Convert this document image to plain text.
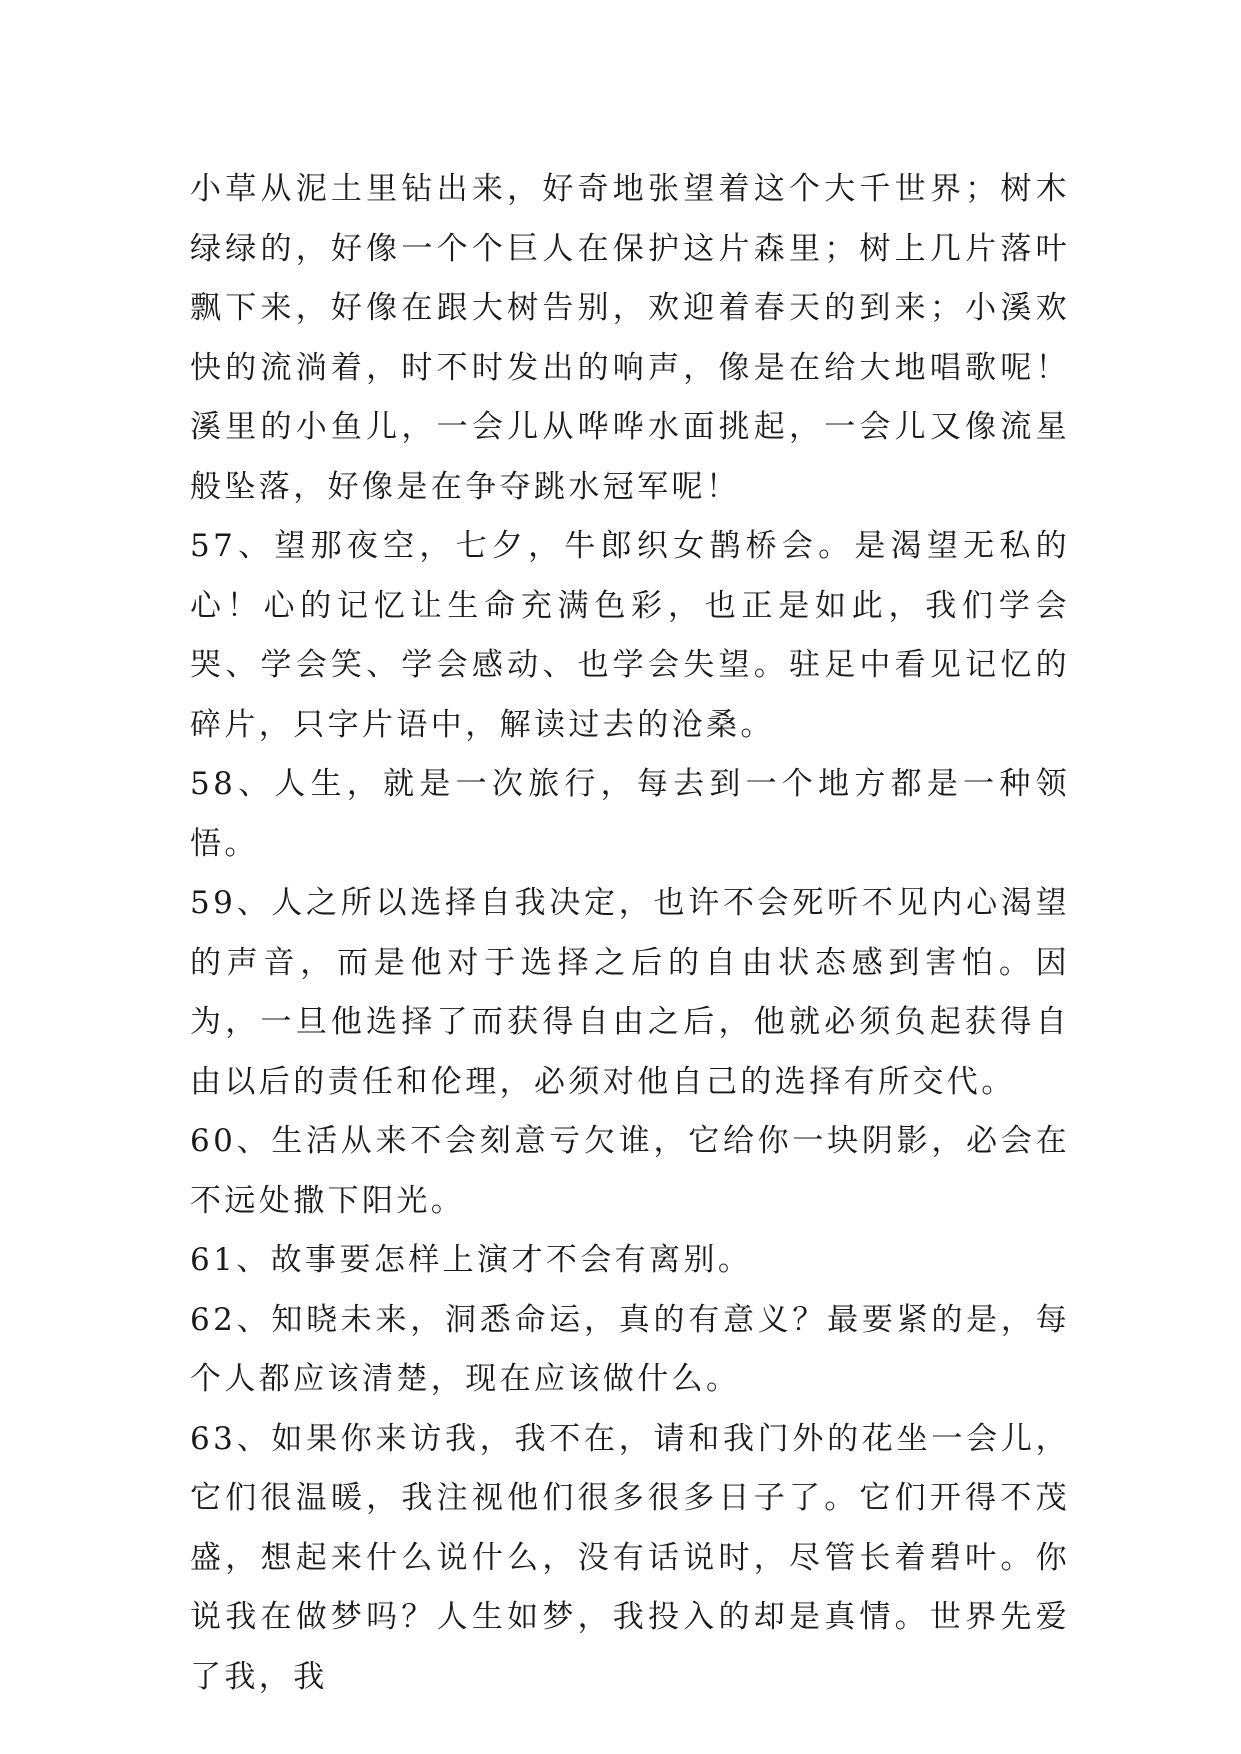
小草从泥土里钻出来，好奇地张望着这个大千世界；树木绿绿的，好像一个个巨人在保护这片森里；树上几片落叶飘下来，好像在跟大树告别，欢迎着春天的到来；小溪欢快的流淌着，时不时发出的响声，像是在给大地唱歌呢！溪里的小鱼儿，一会儿从哗哗水面挑起，一会儿又像流星般坠落，好像是在争夺跳水冠军呢！

57、望那夜空，七夕，牛郎织女鹊桥会。是渴望无私的心！心的记忆让生命充满色彩，也正是如此，我们学会哭、学会笑、学会感动、也学会失望。驻足中看见记忆的碎片，只字片语中，解读过去的沧桑。

58、人生，就是一次旅行，每去到一个地方都是一种领悟。

59、人之所以选择自我决定，也许不会死听不见内心渴望的声音，而是他对于选择之后的自由状态感到害怕。因为，一旦他选择了而获得自由之后，他就必须负起获得自由以后的责任和伦理，必须对他自己的选择有所交代。

60、生活从来不会刻意亏欠谁，它给你一块阴影，必会在不远处撒下阳光。

61、故事要怎样上演才不会有离别。

62、知晓未来，洞悉命运，真的有意义？最要紧的是，每个人都应该清楚，现在应该做什么。

63、如果你来访我，我不在，请和我门外的花坐一会儿，它们很温暖，我注视他们很多很多日子了。它们开得不茂盛，想起来什么说什么，没有话说时，尽管长着碧叶。你说我在做梦吗？人生如梦，我投入的却是真情。世界先爱了我，我
